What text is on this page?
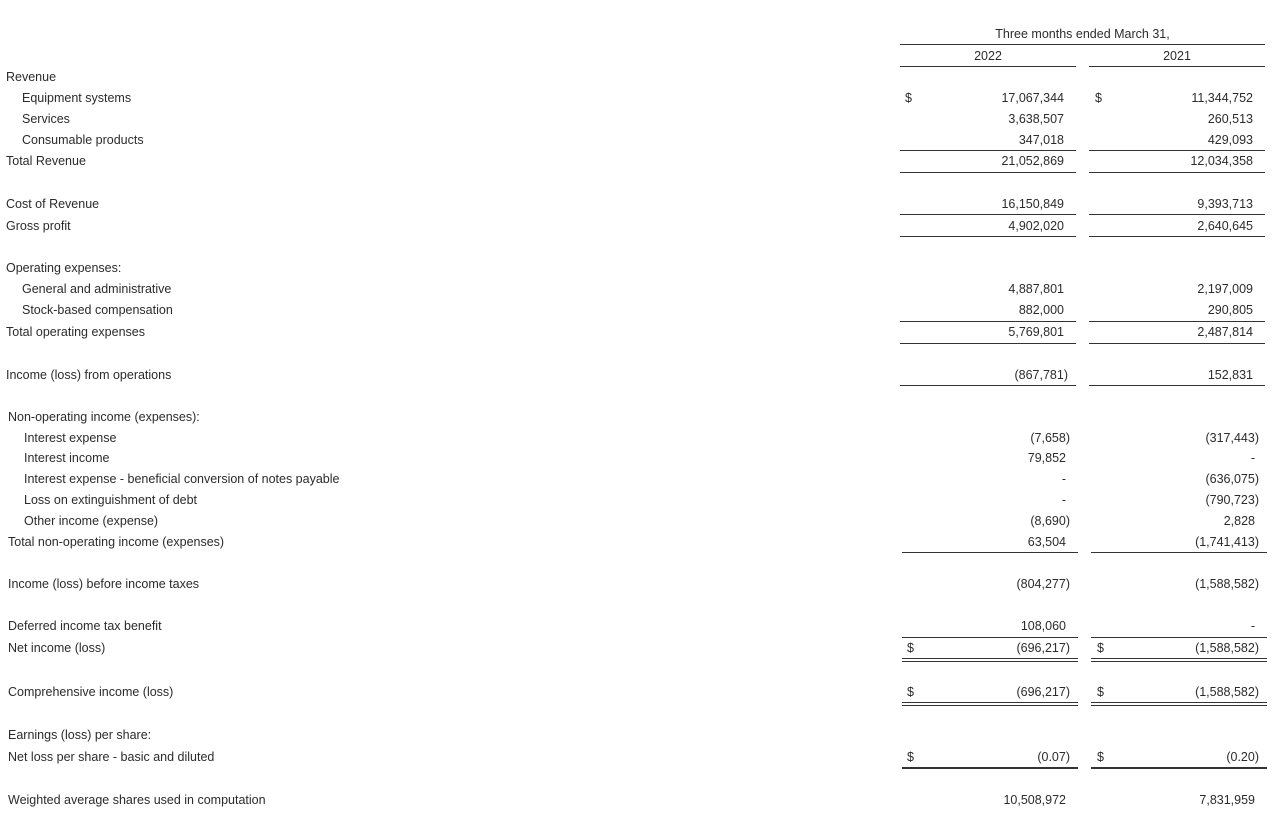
Three months ended March 31,
2022	2021
Revenue
Equipment systems	$	17,067,344 $	11,344,752
Services	3,638,507	260,513
Consumable products	347,018	429,093
Total Revenue	21,052,869	12,034,358
Cost of Revenue	16,150,849	9,393,713
Gross profit	4,902,020	2,640,645
Operating expenses:
General and administrative	4,887,801	2,197,009
Stock-based compensation	882,000	290,805
Total operating expenses	5,769,801	2,487,814
Income (loss) from operations	(867,781)	152,831
Non-operating income (expenses):
Interest expense	(7,658)	(317,443)
Interest income	79,852	-
Interest expense - beneficial conversion of notes payable	-	(636,075)
Loss on extinguishment of debt	-	(790,723)
Other income (expense)	(8,690)	2,828
Total non-operating income (expenses)	63,504	(1,741,413)
Income (loss) before income taxes	(804,277)	(1,588,582)
Deferred income tax benefit	108,060	-
Net income (loss)	$	(696,217) $	(1,588,582)
Comprehensive income (loss)	$	(696,217) $	(1,588,582)
Earnings (loss) per share:
Net loss per share - basic and diluted	$	(0.07) $	(0.20)
Weighted average shares used in computation	10,508,972	7,831,959
